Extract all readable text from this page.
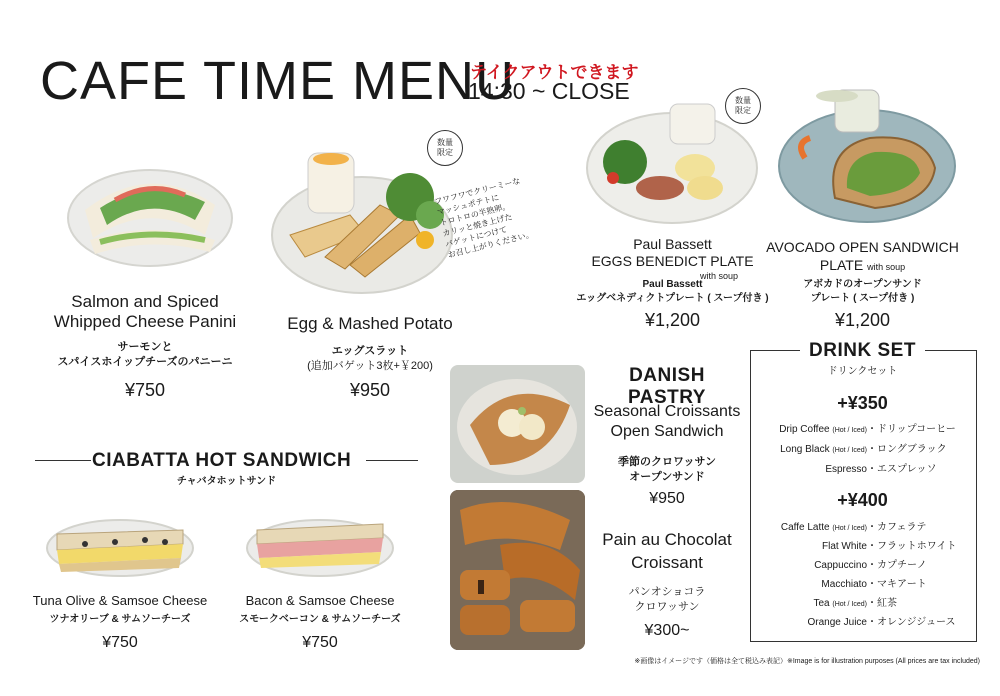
CAFE TIME MENU
テイクアウトできます
14:30 ~ CLOSE
Salmon and Spiced
Whipped Cheese Panini
サーモンと
スパイスホイップチーズのパニーニ
¥750
数量
限定
フワフワでクリーミーな
マッシュポテトに
トロトロの半熟卵。
カリッと焼き上げた
バゲットにつけて
お召し上がりください。
Egg & Mashed Potato
エッグスラット
(追加バゲット3枚+￥200)
¥950
数量
限定
Paul Bassett
EGGS BENEDICT PLATE
with soup
Paul Bassett
エッグベネディクトプレート ( スープ付き )
¥1,200
AVOCADO OPEN SANDWICH
PLATE with soup
アボカドのオープンサンド
プレート ( スープ付き )
¥1,200
CIABATTA HOT SANDWICH
チャバタホットサンド
Tuna Olive & Samsoe Cheese
ツナオリーブ & サムソーチーズ
¥750
Bacon & Samsoe Cheese
スモークベーコン & サムソーチーズ
¥750
DANISH PASTRY
Seasonal Croissants
Open Sandwich
季節のクロワッサン
オープンサンド
¥950
Pain au Chocolat
Croissant
パンオショコラ
クロワッサン
¥300~
DRINK SET
ドリンクセット
+¥350
Drip Coffee (Hot / Iced)・ドリップコーヒー
Long Black (Hot / Iced)・ロングブラック
Espresso・エスプレッソ
+¥400
Caffe Latte (Hot / Iced)・カフェラテ
Flat White・フラットホワイト
Cappuccino・カプチーノ
Macchiato・マキアート
Tea (Hot / Iced)・紅茶
Orange Juice・オレンジジュース
※画像はイメージです（価格は全て税込み表記）※Image is for illustration purposes (All prices are tax included)
